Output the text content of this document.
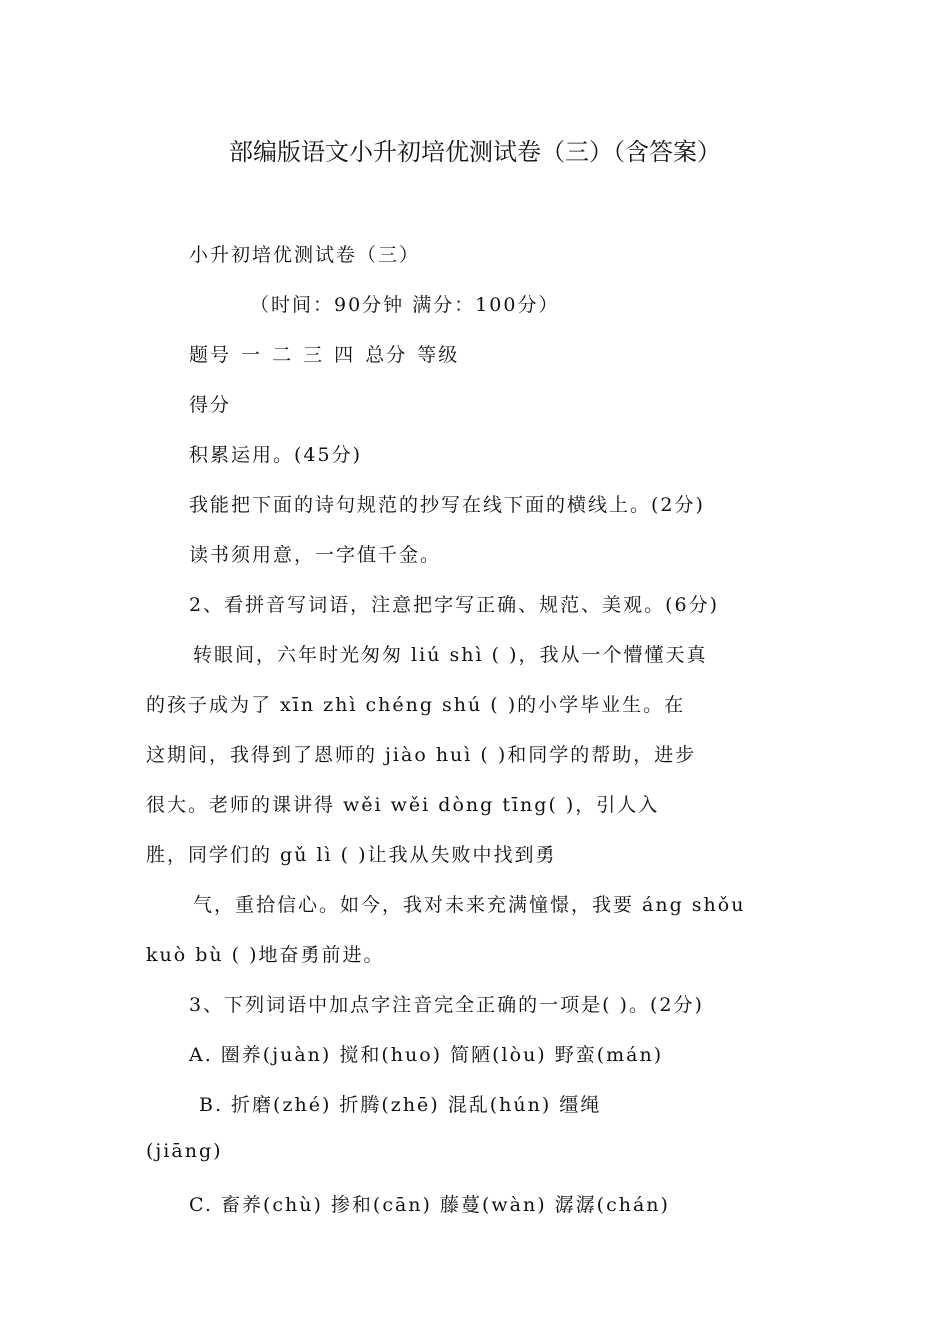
部编版语文小升初培优测试卷（三）（含答案）
小升初培优测试卷（三）
（时间：90分钟 满分：100分）
题号 一 二 三 四 总分 等级
得分
积累运用。(45分)
我能把下面的诗句规范的抄写在线下面的横线上。(2分)
读书须用意，一字值千金。
2、看拼音写词语，注意把字写正确、规范、美观。(6分)
转眼间，六年时光匆匆 liú shì ( )，我从一个懵懂天真
的孩子成为了 xīn zhì chéng shú ( )的小学毕业生。在
这期间，我得到了恩师的 jiào huì ( )和同学的帮助，进步
很大。老师的课讲得 wěi wěi dòng tīng( )，引人入
胜，同学们的 gǔ lì ( )让我从失败中找到勇
气，重拾信心。如今，我对未来充满憧憬，我要 áng shǒu
kuò bù ( )地奋勇前进。
3、下列词语中加点字注音完全正确的一项是( )。(2分)
A. 圈养(juàn) 搅和(huo) 简陋(lòu) 野蛮(mán)
B. 折磨(zhé) 折腾(zhē) 混乱(hún) 缰绳
(jiāng)
C. 畜养(chù) 掺和(cān) 藤蔓(wàn) 潺潺(chán)
